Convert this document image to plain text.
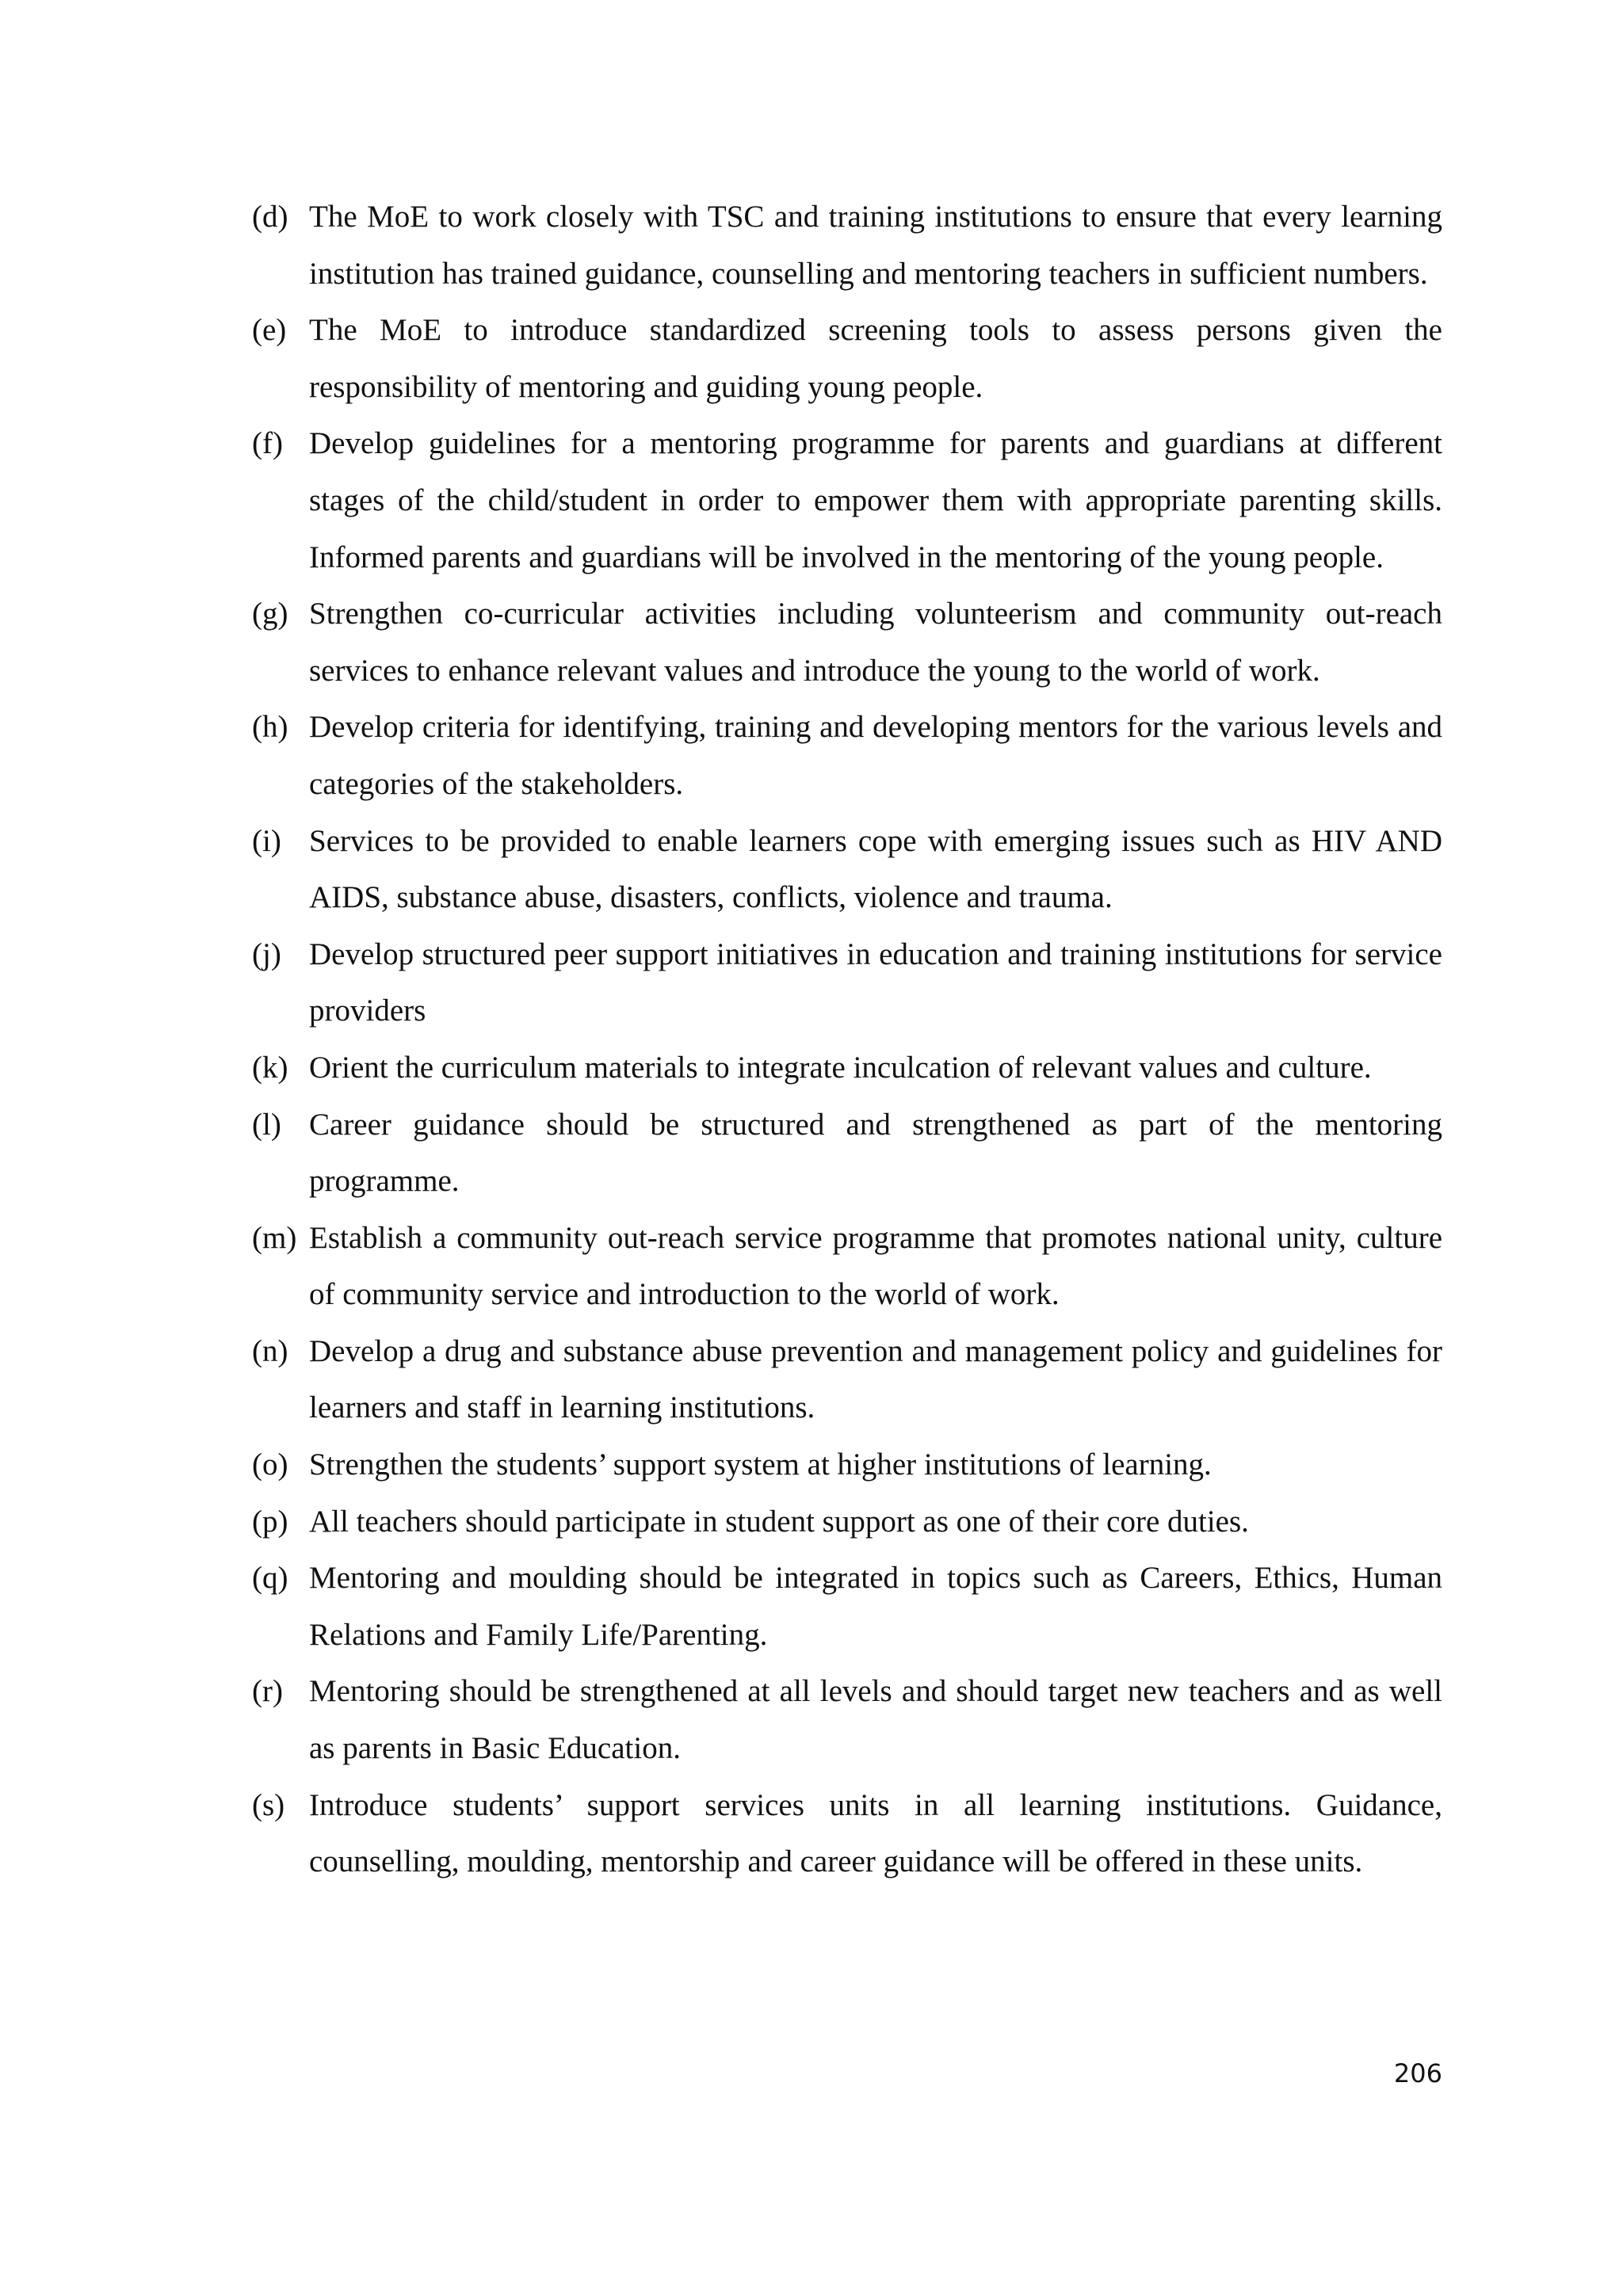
(d) The MoE to work closely with TSC and training institutions to ensure that every learning institution has trained guidance, counselling and mentoring teachers in sufficient numbers.
(e) The MoE to introduce standardized screening tools to assess persons given the responsibility of mentoring and guiding young people.
(f) Develop guidelines for a mentoring programme for parents and guardians at different stages of the child/student in order to empower them with appropriate parenting skills. Informed parents and guardians will be involved in the mentoring of the young people.
(g) Strengthen co-curricular activities including volunteerism and community out-reach services to enhance relevant values and introduce the young to the world of work.
(h) Develop criteria for identifying, training and developing mentors for the various levels and categories of the stakeholders.
(i) Services to be provided to enable learners cope with emerging issues such as HIV AND AIDS, substance abuse, disasters, conflicts, violence and trauma.
(j) Develop structured peer support initiatives in education and training institutions for service providers
(k) Orient the curriculum materials to integrate inculcation of relevant values and culture.
(l) Career guidance should be structured and strengthened as part of the mentoring programme.
(m) Establish a community out-reach service programme that promotes national unity, culture of community service and introduction to the world of work.
(n) Develop a drug and substance abuse prevention and management policy and guidelines for learners and staff in learning institutions.
(o) Strengthen the students’ support system at higher institutions of learning.
(p) All teachers should participate in student support as one of their core duties.
(q) Mentoring and moulding should be integrated in topics such as Careers, Ethics, Human Relations and Family Life/Parenting.
(r) Mentoring should be strengthened at all levels and should target new teachers and as well as parents in Basic Education.
(s) Introduce students’ support services units in all learning institutions. Guidance, counselling, moulding, mentorship and career guidance will be offered in these units.
206
